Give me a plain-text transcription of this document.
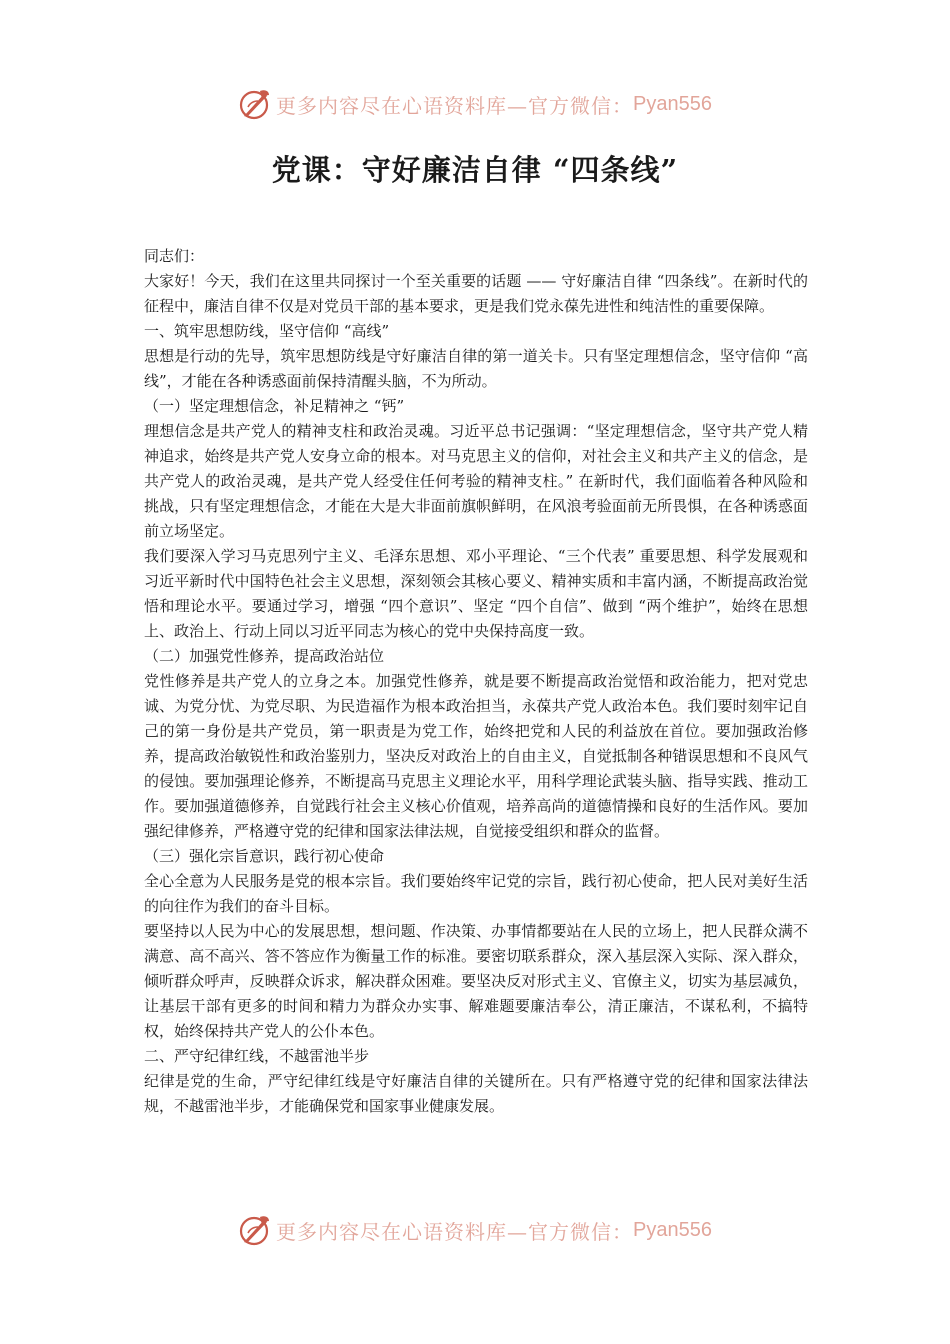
更多内容尽在心语资料库—官方微信： Pyan556
党课：守好廉洁自律 “四条线”

同志们：

大家好！今天，我们在这里共同探讨一个至关重要的话题 —— 守好廉洁自律 “四条线”。在新时代的征程中，廉洁自律不仅是对党员干部的基本要求，更是我们党永葆先进性和纯洁性的重要保障。

一、筑牢思想防线，坚守信仰 “高线”

思想是行动的先导，筑牢思想防线是守好廉洁自律的第一道关卡。只有坚定理想信念，坚守信仰 “高线”，才能在各种诱惑面前保持清醒头脑，不为所动。

（一）坚定理想信念，补足精神之 “钙”

理想信念是共产党人的精神支柱和政治灵魂。习近平总书记强调：“坚定理想信念，坚守共产党人精神追求，始终是共产党人安身立命的根本。对马克思主义的信仰，对社会主义和共产主义的信念，是共产党人的政治灵魂，是共产党人经受住任何考验的精神支柱。” 在新时代，我们面临着各种风险和挑战，只有坚定理想信念，才能在大是大非面前旗帜鲜明，在风浪考验面前无所畏惧，在各种诱惑面前立场坚定。

我们要深入学习马克思列宁主义、毛泽东思想、邓小平理论、“三个代表” 重要思想、科学发展观和习近平新时代中国特色社会主义思想，深刻领会其核心要义、精神实质和丰富内涵，不断提高政治觉悟和理论水平。要通过学习，增强 “四个意识”、坚定 “四个自信”、做到 “两个维护”，始终在思想上、政治上、行动上同以习近平同志为核心的党中央保持高度一致。

（二）加强党性修养，提高政治站位

党性修养是共产党人的立身之本。加强党性修养，就是要不断提高政治觉悟和政治能力，把对党忠诚、为党分忧、为党尽职、为民造福作为根本政治担当，永葆共产党人政治本色。我们要时刻牢记自己的第一身份是共产党员，第一职责是为党工作，始终把党和人民的利益放在首位。要加强政治修养，提高政治敏锐性和政治鉴别力，坚决反对政治上的自由主义，自觉抵制各种错误思想和不良风气的侵蚀。要加强理论修养，不断提高马克思主义理论水平，用科学理论武装头脑、指导实践、推动工作。要加强道德修养，自觉践行社会主义核心价值观，培养高尚的道德情操和良好的生活作风。要加强纪律修养，严格遵守党的纪律和国家法律法规，自觉接受组织和群众的监督。

（三）强化宗旨意识，践行初心使命

全心全意为人民服务是党的根本宗旨。我们要始终牢记党的宗旨，践行初心使命，把人民对美好生活的向往作为我们的奋斗目标。

要坚持以人民为中心的发展思想，想问题、作决策、办事情都要站在人民的立场上，把人民群众满不满意、高不高兴、答不答应作为衡量工作的标准。要密切联系群众，深入基层深入实际、深入群众，倾听群众呼声，反映群众诉求，解决群众困难。要坚决反对形式主义、官僚主义，切实为基层减负，让基层干部有更多的时间和精力为群众办实事、解难题要廉洁奉公，清正廉洁，不谋私利，不搞特权，始终保持共产党人的公仆本色。

二、严守纪律红线，不越雷池半步

纪律是党的生命，严守纪律红线是守好廉洁自律的关键所在。只有严格遵守党的纪律和国家法律法规，不越雷池半步，才能确保党和国家事业健康发展。

更多内容尽在心语资料库—官方微信： Pyan556
